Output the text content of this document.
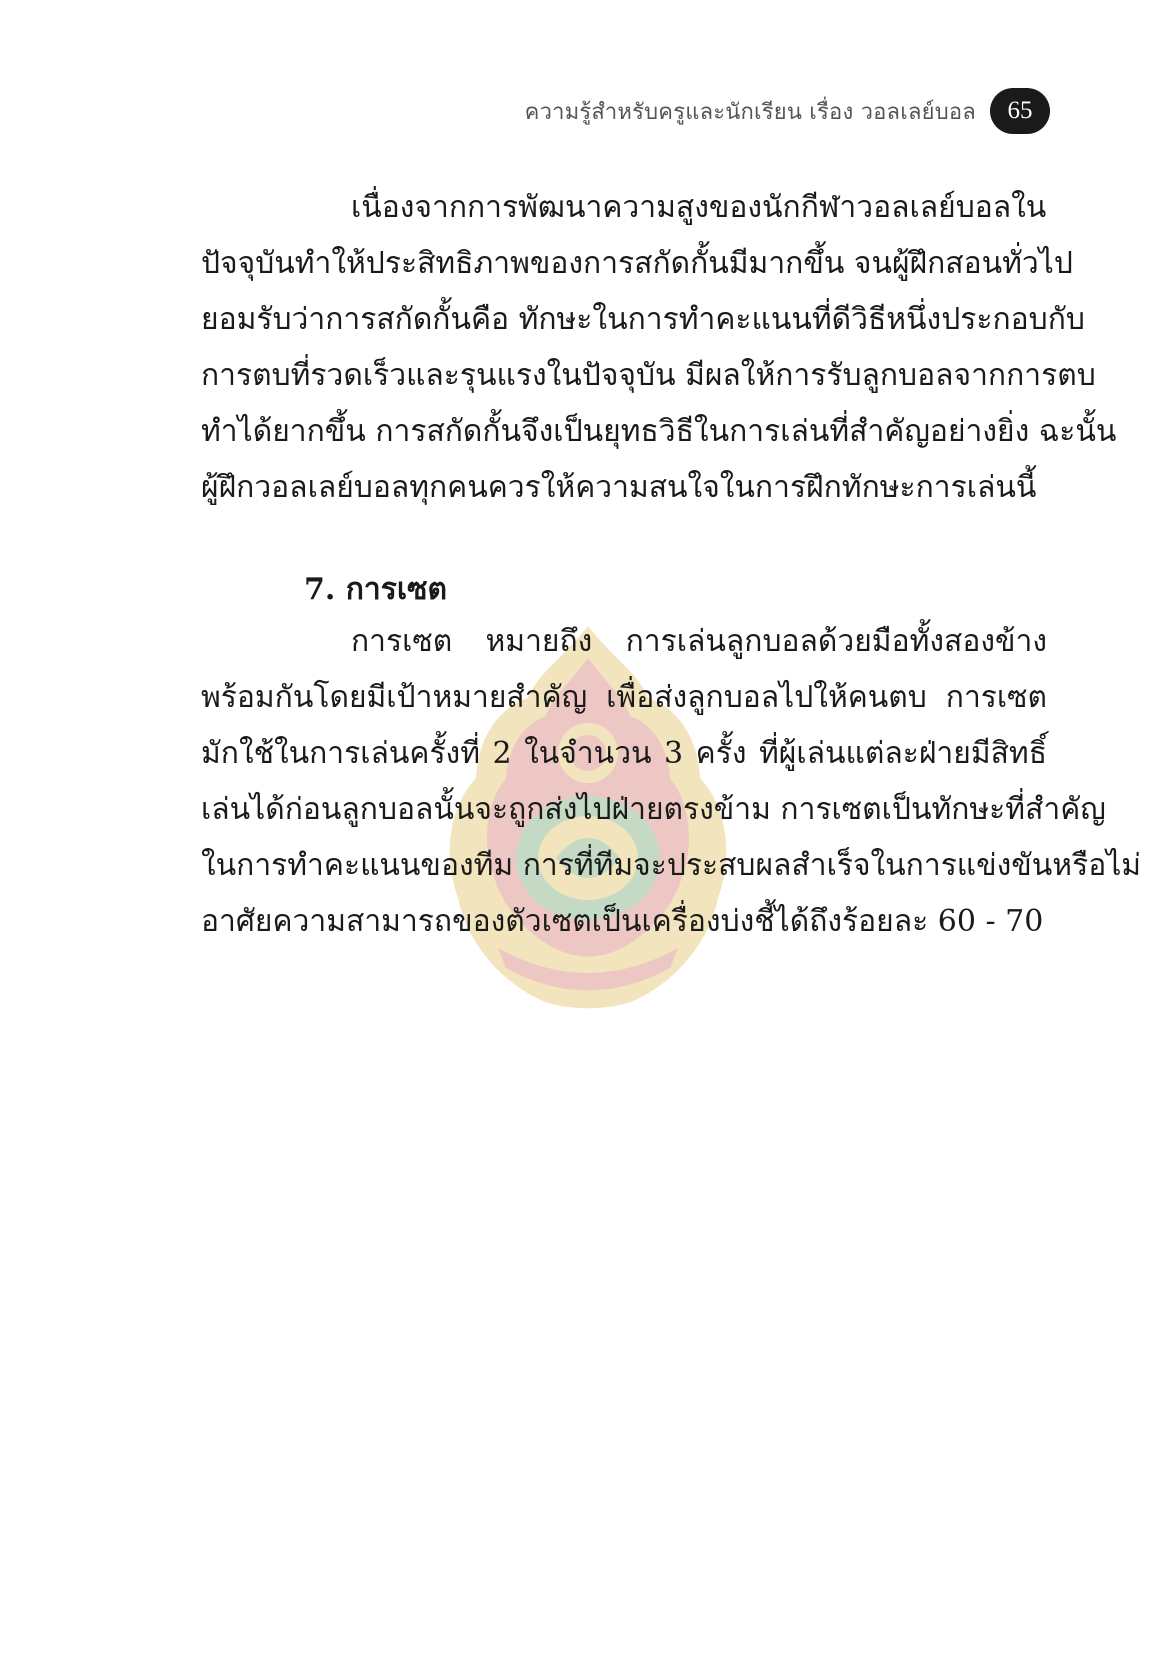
ความรู้สำหรับครูและนักเรียน เรื่อง วอลเลย์บอล	65
เนื่องจากการพัฒนาความสูงของนักกีฬาวอลเลย์บอลใน
ปัจจุบันทำให้ประสิทธิภาพของการสกัดกั้นมีมากขึ้น จนผู้ฝึกสอนทั่วไป
ยอมรับว่าการสกัดกั้นคือ ทักษะในการทำคะแนนที่ดีวิธีหนึ่งประกอบกับ
การตบที่รวดเร็วและรุนแรงในปัจจุบัน มีผลให้การรับลูกบอลจากการตบ
ทำได้ยากขึ้น การสกัดกั้นจึงเป็นยุทธวิธีในการเล่นที่สำคัญอย่างยิ่ง ฉะนั้น
ผู้ฝึกวอลเลย์บอลทุกคนควรให้ความสนใจในการฝึกทักษะการเล่นนี้
7. การเซต
การเซต หมายถึง การเล่นลูกบอลด้วยมือทั้งสองข้าง
พร้อมกันโดยมีเป้าหมายสำคัญ เพื่อส่งลูกบอลไปให้คนตบ การเซต
มักใช้ในการเล่นครั้งที่ 2 ในจำนวน 3 ครั้ง ที่ผู้เล่นแต่ละฝ่ายมีสิทธิ์
เล่นได้ก่อนลูกบอลนั้นจะถูกส่งไปฝ่ายตรงข้าม การเซตเป็นทักษะที่สำคัญ
ในการทำคะแนนของทีม การที่ทีมจะประสบผลสำเร็จในการแข่งขันหรือไม่
อาศัยความสามารถของตัวเซตเป็นเครื่องบ่งชี้ได้ถึงร้อยละ 60 - 70
